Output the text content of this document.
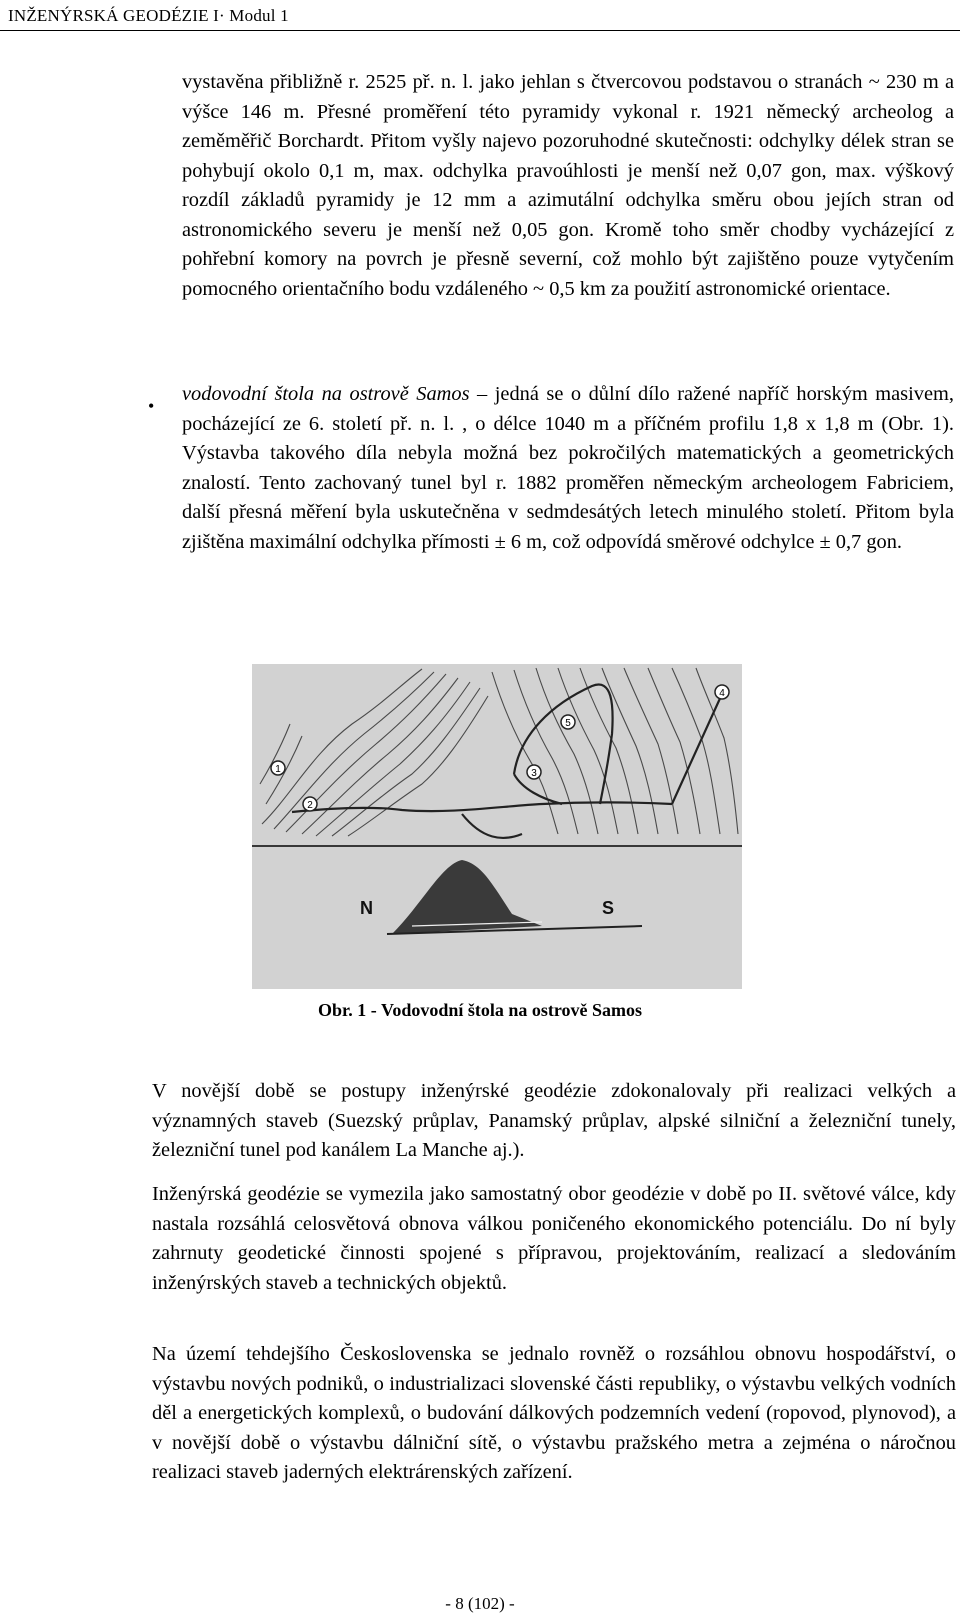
INŽENÝRSKÁ GEODÉZIE I· Modul 1

vystavěna přibližně r. 2525 př. n. l. jako jehlan s čtvercovou podstavou o stranách ~ 230 m a výšce 146 m. Přesné proměření této pyramidy vykonal r. 1921 německý archeolog a zeměměřič Borchardt. Přitom vyšly najevo pozoruhodné skutečnosti: odchylky délek stran se pohybují okolo 0,1 m, max. odchylka pravoúhlosti je menší než 0,07 gon, max. výškový rozdíl základů pyramidy je 12 mm a azimutální odchylka směru obou jejích stran od astronomického severu je menší než 0,05 gon. Kromě toho směr chodby vycházející z pohřební komory na povrch je přesně severní, což mohlo být zajištěno pouze vytyčením pomocného orientačního bodu vzdáleného ~ 0,5 km za použití astronomické orientace.

•

vodovodní štola na ostrově Samos – jedná se o důlní dílo ražené napříč horským masivem, pocházející ze 6. století př. n. l. , o délce 1040 m a příčném profilu 1,8 x 1,8 m (Obr. 1). Výstavba takového díla nebyla možná bez pokročilých matematických a geometrických znalostí. Tento zachovaný tunel byl r. 1882 proměřen německým archeologem Fabriciem, další přesná měření byla uskutečněna v sedmdesátých letech minulého století. Přitom byla zjištěna maximální odchylka přímosti ± 6 m, což odpovídá směrové odchylce ± 0,7 gon.

1
2
3
4
5
N	S
Obr. 1 - Vodovodní štola na ostrově Samos

V novější době se postupy inženýrské geodézie zdokonalovaly při realizaci velkých a významných staveb (Suezský průplav, Panamský průplav, alpské silniční a železniční tunely, železniční tunel pod kanálem La Manche aj.).

Inženýrská geodézie se vymezila jako samostatný obor geodézie v době po II. světové válce, kdy nastala rozsáhlá celosvětová obnova válkou poničeného ekonomického potenciálu. Do ní byly zahrnuty geodetické činnosti spojené s přípravou, projektováním, realizací a sledováním inženýrských staveb a technických objektů.

Na území tehdejšího Československa se jednalo rovněž o rozsáhlou obnovu hospodářství, o výstavbu nových podniků, o industrializaci slovenské části republiky, o výstavbu velkých vodních děl a energetických komplexů, o budování dálkových podzemních vedení (ropovod, plynovod), a v novější době o výstavbu dálniční sítě, o výstavbu pražského metra a zejména o náročnou realizaci staveb jaderných elektrárenských zařízení.

- 8 (102) -
